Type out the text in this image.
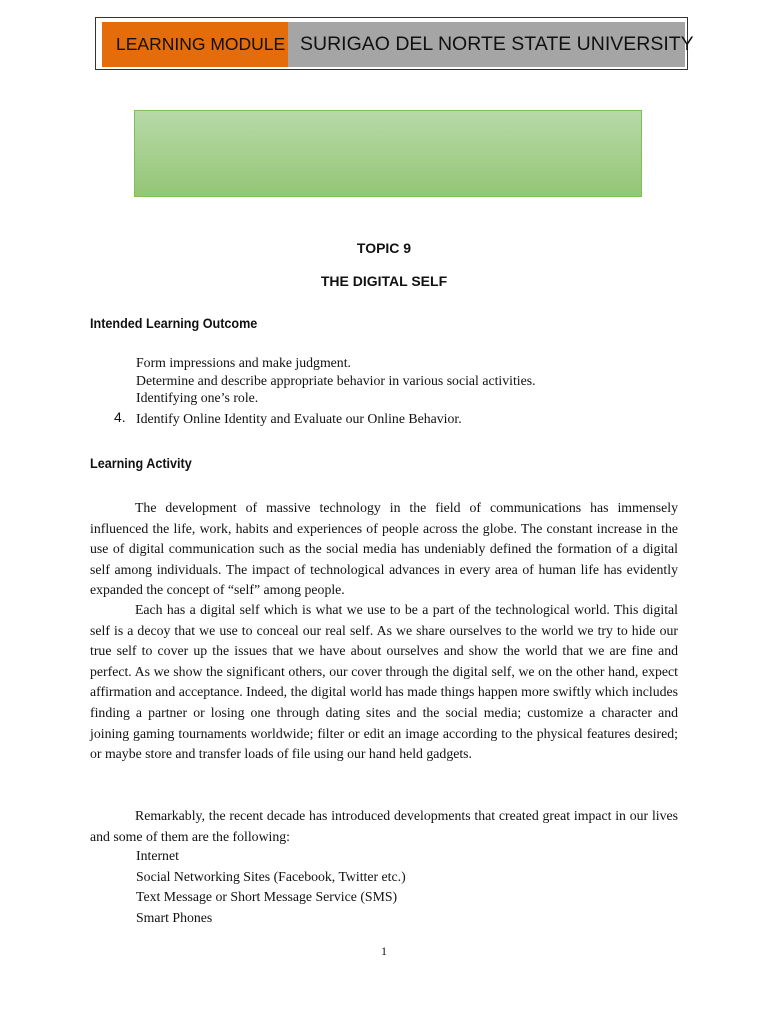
LEARNING MODULE SURIGAO DEL NORTE STATE UNIVERSITY
TOPIC 9
THE DIGITAL SELF
Intended Learning Outcome
Form impressions and make judgment.
Determine and describe appropriate behavior in various social activities.
Identifying one’s role.
4. Identify Online Identity and Evaluate our Online Behavior.
Learning Activity

The development of massive technology in the field of communications has immensely influenced the life, work, habits and experiences of people across the globe. The constant increase in the use of digital communication such as the social media has undeniably defined the formation of a digital self among individuals. The impact of technological advances in every area of human life has evidently expanded the concept of “self” among people.

Each has a digital self which is what we use to be a part of the technological world. This digital self is a decoy that we use to conceal our real self. As we share ourselves to the world we try to hide our true self to cover up the issues that we have about ourselves and show the world that we are fine and perfect. As we show the significant others, our cover through the digital self, we on the other hand, expect affirmation and acceptance. Indeed, the digital world has made things happen more swiftly which includes finding a partner or losing one through dating sites and the social media; customize a character and joining gaming tournaments worldwide; filter or edit an image according to the physical features desired; or maybe store and transfer loads of file using our hand held gadgets.

Remarkably, the recent decade has introduced developments that created great impact in our lives and some of them are the following:

Internet
Social Networking Sites (Facebook, Twitter etc.)
Text Message or Short Message Service (SMS)
Smart Phones
1
